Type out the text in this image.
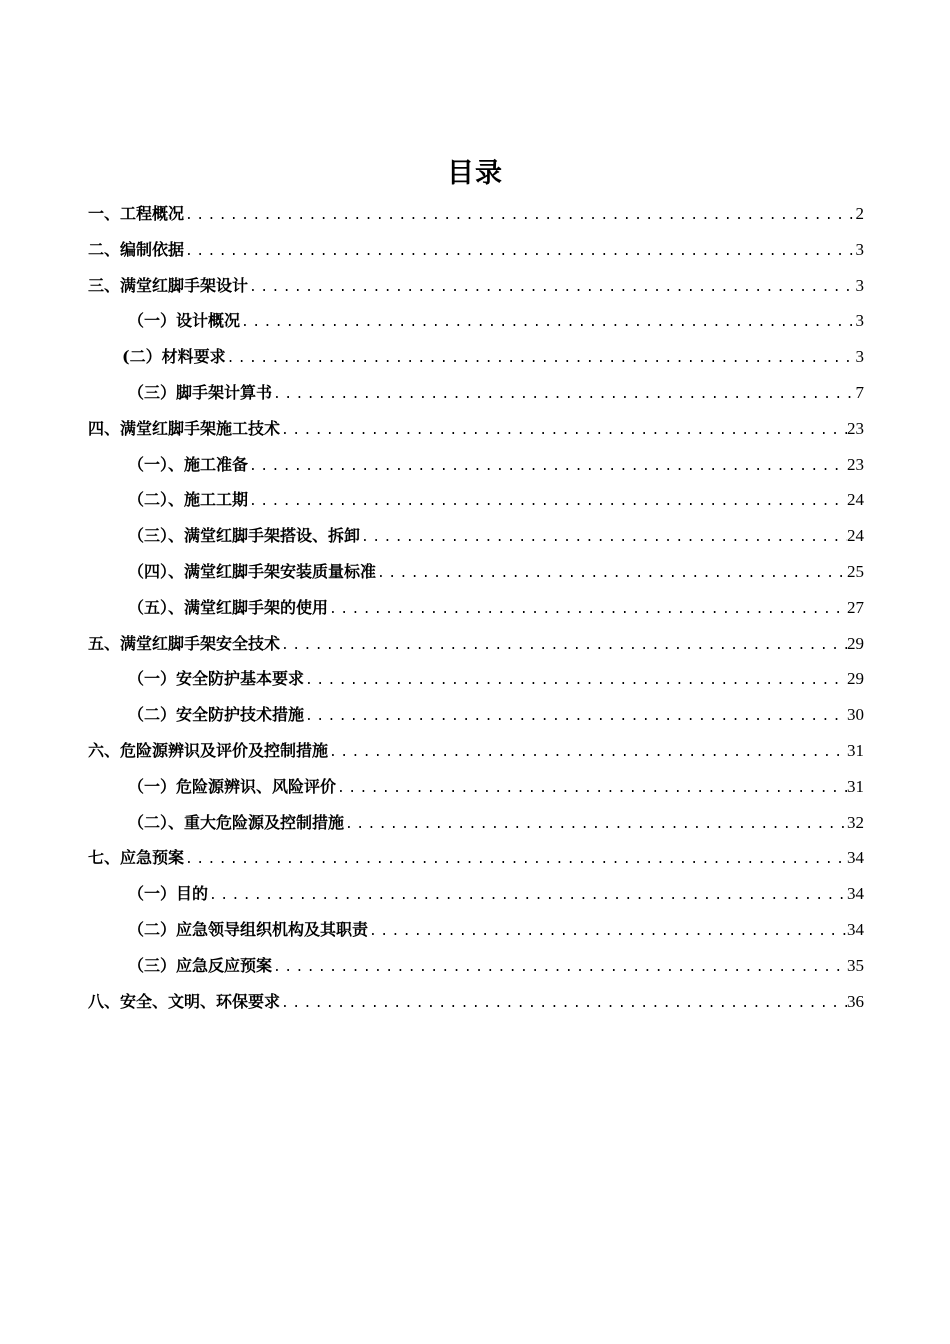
目录
一、工程概况 .....	2
二、编制依据 .....	3
三、满堂红脚手架设计 .....	3
（一）设计概况 .....	3
(二）材料要求 .....	3
（三）脚手架计算书 .....	7
四、满堂红脚手架施工技术 .....	23
（一）、施工准备 .....	23
（二）、施工工期 .....	24
（三）、满堂红脚手架搭设、拆卸 .....	24
（四）、满堂红脚手架安装质量标准 .....	25
（五）、满堂红脚手架的使用 .....	27
五、满堂红脚手架安全技术 .....	29
（一）安全防护基本要求 .....	29
（二）安全防护技术措施 .....	30
六、危险源辨识及评价及控制措施 .....	31
（一）危险源辨识、风险评价 .....	31
（二）、重大危险源及控制措施 .....	32
七、应急预案 .....	34
（一）目的 .....	34
（二）应急领导组织机构及其职责 .....	34
（三）应急反应预案 .....	35
八、安全、文明、环保要求 .....	36
